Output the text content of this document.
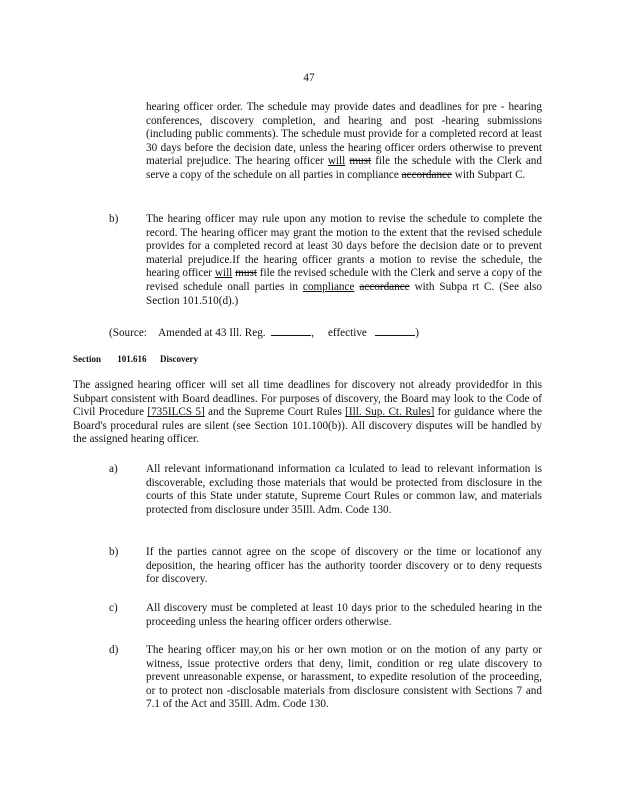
47
hearing officer order. The schedule may provide dates and deadlines for pre - hearing conferences, discovery completion, and hearing and post -hearing submissions (including public comments). The schedule must provide for a completed record at least 30 days before the decision date, unless the hearing officer orders otherwise to prevent material prejudice. The hearing officer will must file the schedule with the Clerk and serve a copy of the schedule on all parties in compliance accordance with Subpart C.
b) The hearing officer may rule upon any motion to revise the schedule to complete the record. The hearing officer may grant the motion to the extent that the revised schedule provides for a completed record at least 30 days before the decision date or to prevent material prejudice.If the hearing officer grants a motion to revise the schedule, the hearing officer will must file the revised schedule with the Clerk and serve a copy of the revised schedule onall parties in compliance accordance with Subpa rt C. (See also Section 101.510(d).)
(Source: Amended at 43 Ill. Reg.	,     effective	)
Section 101.616 Discovery
The assigned hearing officer will set all time deadlines for discovery not already providedfor in this Subpart consistent with Board deadlines. For purposes of discovery, the Board may look to the Code of Civil Procedure [735ILCS 5] and the Supreme Court Rules [Ill. Sup. Ct. Rules] for guidance where the Board's procedural rules are silent (see Section 101.100(b)). All discovery disputes will be handled by the assigned hearing officer.
a)	All relevant informationand information ca lculated to lead to relevant information is discoverable, excluding those materials that would be protected from disclosure in the courts of this State under statute, Supreme Court Rules or common law, and materials protected from disclosure under 35Ill. Adm. Code 130.
b) If the parties cannot agree on the scope of discovery or the time or locationof any deposition, the hearing officer has the authority toorder discovery or to deny requests for discovery.
c)	All discovery must be completed at least 10 days prior to the scheduled hearing in the proceeding unless the hearing officer orders otherwise.
d) The hearing officer may,on his or her own motion or on the motion of any party or witness, issue protective orders that deny, limit, condition or reg ulate discovery to prevent unreasonable expense, or harassment, to expedite resolution of the proceeding, or to protect non -disclosable materials from disclosure consistent with Sections 7 and 7.1 of the Act and 35Ill. Adm. Code 130.
